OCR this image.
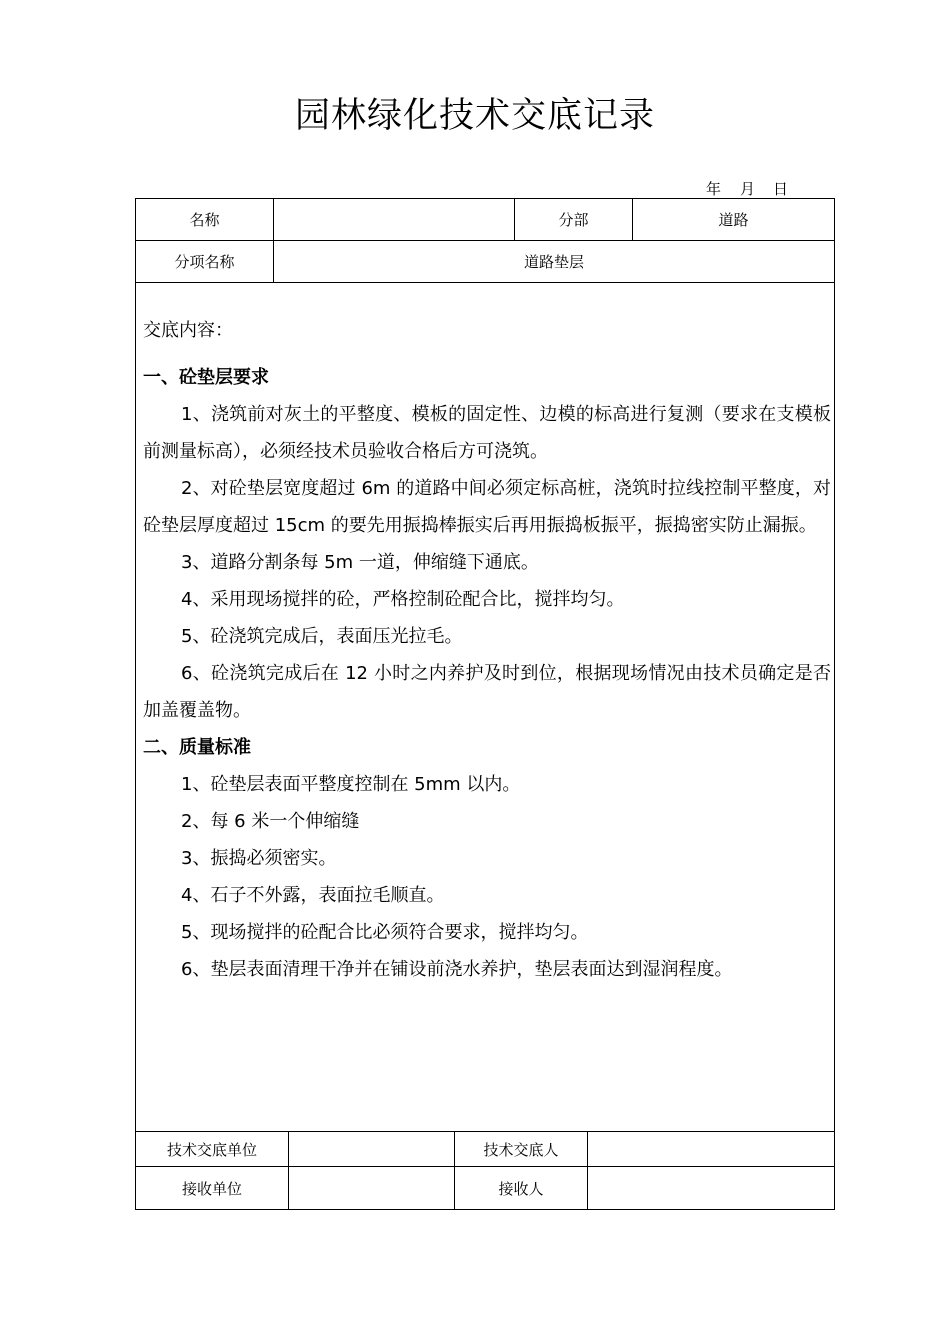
园林绿化技术交底记录
年 月 日
名称	分部	道路
分项名称	道路垫层
技术交底单位	技术交底人
接收单位	接收人

交底内容：

一、砼垫层要求

1、浇筑前对灰土的平整度、模板的固定性、边模的标高进行复测（要求在支模板前测量标高），必须经技术员验收合格后方可浇筑。

2、对砼垫层宽度超过 6m 的道路中间必须定标高桩，浇筑时拉线控制平整度，对砼垫层厚度超过 15cm 的要先用振捣棒振实后再用振捣板振平，振捣密实防止漏振。

3、道路分割条每 5m 一道，伸缩缝下通底。

4、采用现场搅拌的砼，严格控制砼配合比，搅拌均匀。

5、砼浇筑完成后，表面压光拉毛。

6、砼浇筑完成后在 12 小时之内养护及时到位，根据现场情况由技术员确定是否加盖覆盖物。

二、质量标准

1、砼垫层表面平整度控制在 5mm 以内。

2、每 6 米一个伸缩缝

3、振捣必须密实。

4、石子不外露，表面拉毛顺直。

5、现场搅拌的砼配合比必须符合要求，搅拌均匀。

6、垫层表面清理干净并在铺设前浇水养护，垫层表面达到湿润程度。
